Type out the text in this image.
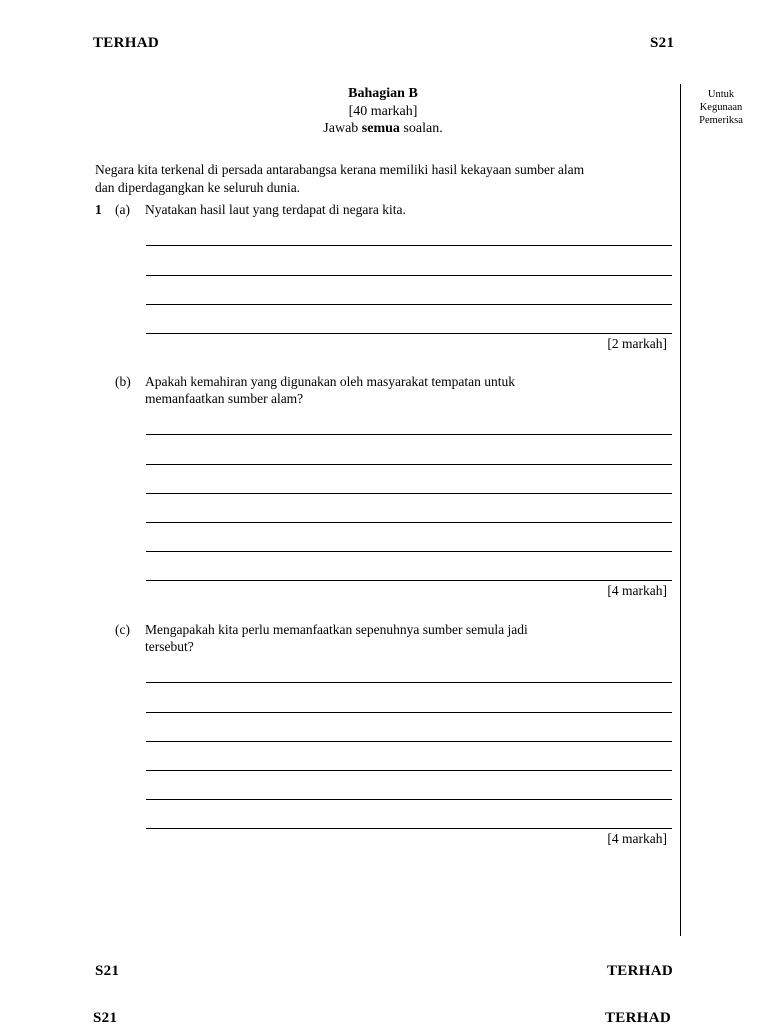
TERHAD	S21
Bahagian B
[40 markah]
Jawab semua soalan.
Untuk
Kegunaan
Pemeriksa
Negara kita terkenal di persada antarabangsa kerana memiliki hasil kekayaan sumber alam
dan diperdagangkan ke seluruh dunia.
1 (a) Nyatakan hasil laut yang terdapat di negara kita.
[2 markah]
(b) Apakah kemahiran yang digunakan oleh masyarakat tempatan untuk
memanfaatkan sumber alam?
[4 markah]
(c) Mengapakah kita perlu memanfaatkan sepenuhnya sumber semula jadi
tersebut?
[4 markah]
S21	TERHAD
S21	TERHAD
